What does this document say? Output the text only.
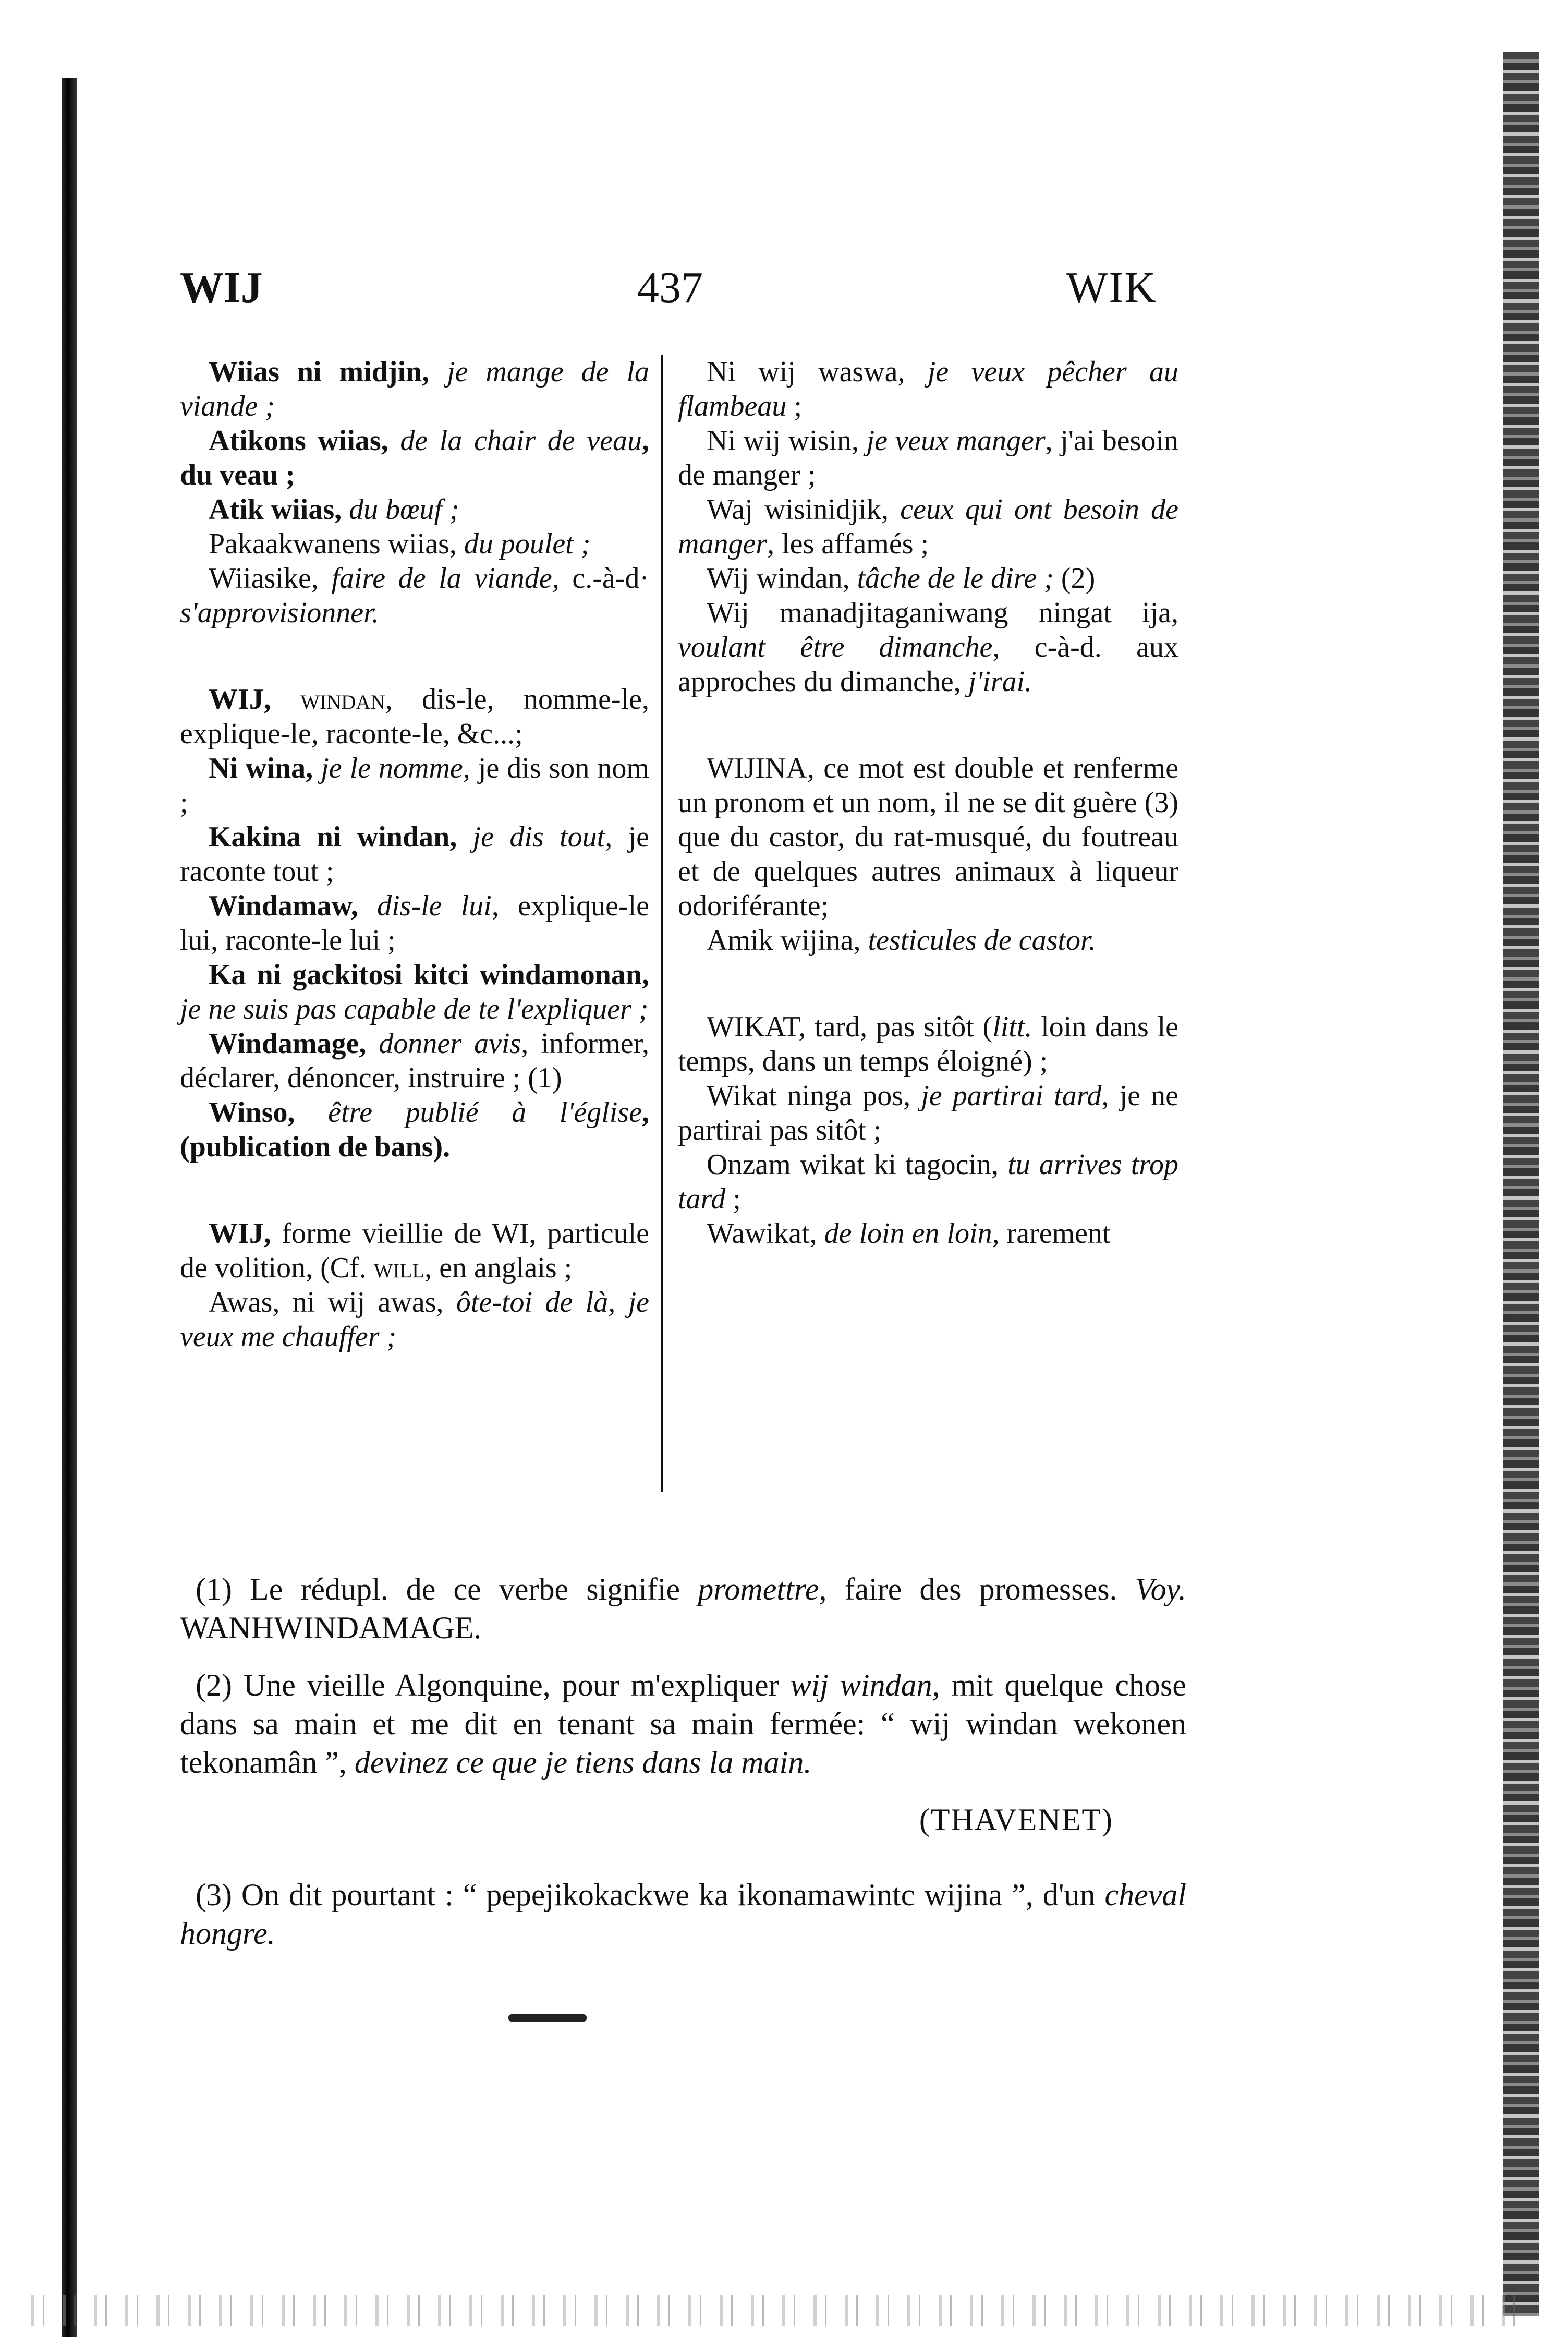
WIJ	437	WIK

Wiias ni midjin, je mange de la viande ;

Atikons wiias, de la chair de veau, du veau ;

Atik wiias, du bœuf ;

Pakaakwanens wiias, du poulet ;

Wiiasike, faire de la viande, c.-à-d· s'approvisionner.

WIJ, windan, dis-le, nomme-le, explique-le, raconte-le, &c...;

Ni wina, je le nomme, je dis son nom ;

Kakina ni windan, je dis tout, je raconte tout ;

Windamaw, dis-le lui, explique-le lui, raconte-le lui ;

Ka ni gackitosi kitci windamonan, je ne suis pas capable de te l'expliquer ;

Windamage, donner avis, informer, déclarer, dénoncer, instruire ; (1)

Winso, être publié à l'église, (publication de bans).

WIJ, forme vieillie de WI, particule de volition, (Cf. will, en anglais ;

Awas, ni wij awas, ôte-toi de là, je veux me chauffer ;

Ni wij waswa, je veux pêcher au flambeau ;

Ni wij wisin, je veux manger, j'ai besoin de manger ;

Waj wisinidjik, ceux qui ont besoin de manger, les affamés ;

Wij windan, tâche de le dire ; (2)

Wij manadjitaganiwang ningat ija, voulant être dimanche, c-à-d. aux approches du dimanche, j'irai.

WIJINA, ce mot est double et renferme un pronom et un nom, il ne se dit guère (3) que du castor, du rat-musqué, du foutreau et de quelques autres animaux à liqueur odoriférante;

Amik wijina, testicules de castor.

WIKAT, tard, pas sitôt (litt. loin dans le temps, dans un temps éloigné) ;

Wikat ninga pos, je partirai tard, je ne partirai pas sitôt ;

Onzam wikat ki tagocin, tu arrives trop tard ;

Wawikat, de loin en loin, rarement

(1) Le rédupl. de ce verbe signifie promettre, faire des promesses. Voy. WANHWINDAMAGE.

(2) Une vieille Algonquine, pour m'expliquer wij windan, mit quelque chose dans sa main et me dit en tenant sa main fermée: “ wij windan wekonen tekonamân ”, devinez ce que je tiens dans la main.

(THAVENET)

(3) On dit pourtant : “ pepejikokackwe ka ikonamawintc wijina ”, d'un cheval hongre.
